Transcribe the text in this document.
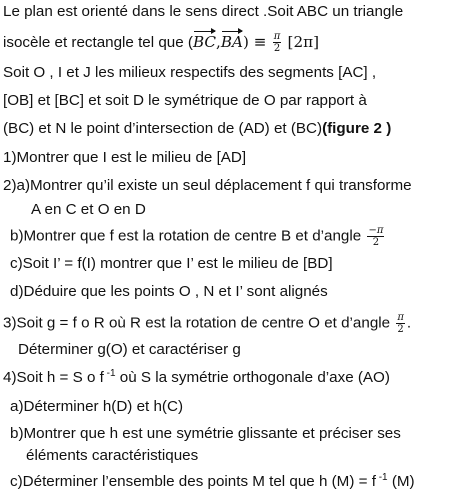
Le plan est orienté dans le sens direct .Soit ABC un triangle
isocèle et rectangle tel que $(BC,BA) \equiv \frac{\pi}{2} [2\pi]$
Soit O , I et J les milieux respectifs des segments [AC] ,
[OB] et [BC] et soit D le symétrique de O par rapport à
(BC) et N le point d’intersection de (AD) et (BC)(figure 2 )
1)Montrer que I est le milieu de [AD]
2)a)Montrer qu’il existe un seul déplacement f qui transforme
A en C et O en D
b)Montrer que f est la rotation de centre B et d’angle $\frac{-\pi}{2}$
c)Soit I’ = f(I) montrer que I’ est le milieu de [BD]
d)Déduire que les points O , N et I’ sont alignés
3)Soit g = f o R où R est la rotation de centre O et d’angle $\frac{\pi}{2}$ .
Déterminer g(O) et caractériser g
4)Soit h = S o f $^{-1}$ où S la symétrie orthogonale d’axe (AO)
a)Déterminer h(D) et h(C)
b)Montrer que h est une symétrie glissante et préciser ses
éléments caractéristiques
c)Déterminer l’ensemble des points M tel que h (M) = f $^{-1}$ (M)
